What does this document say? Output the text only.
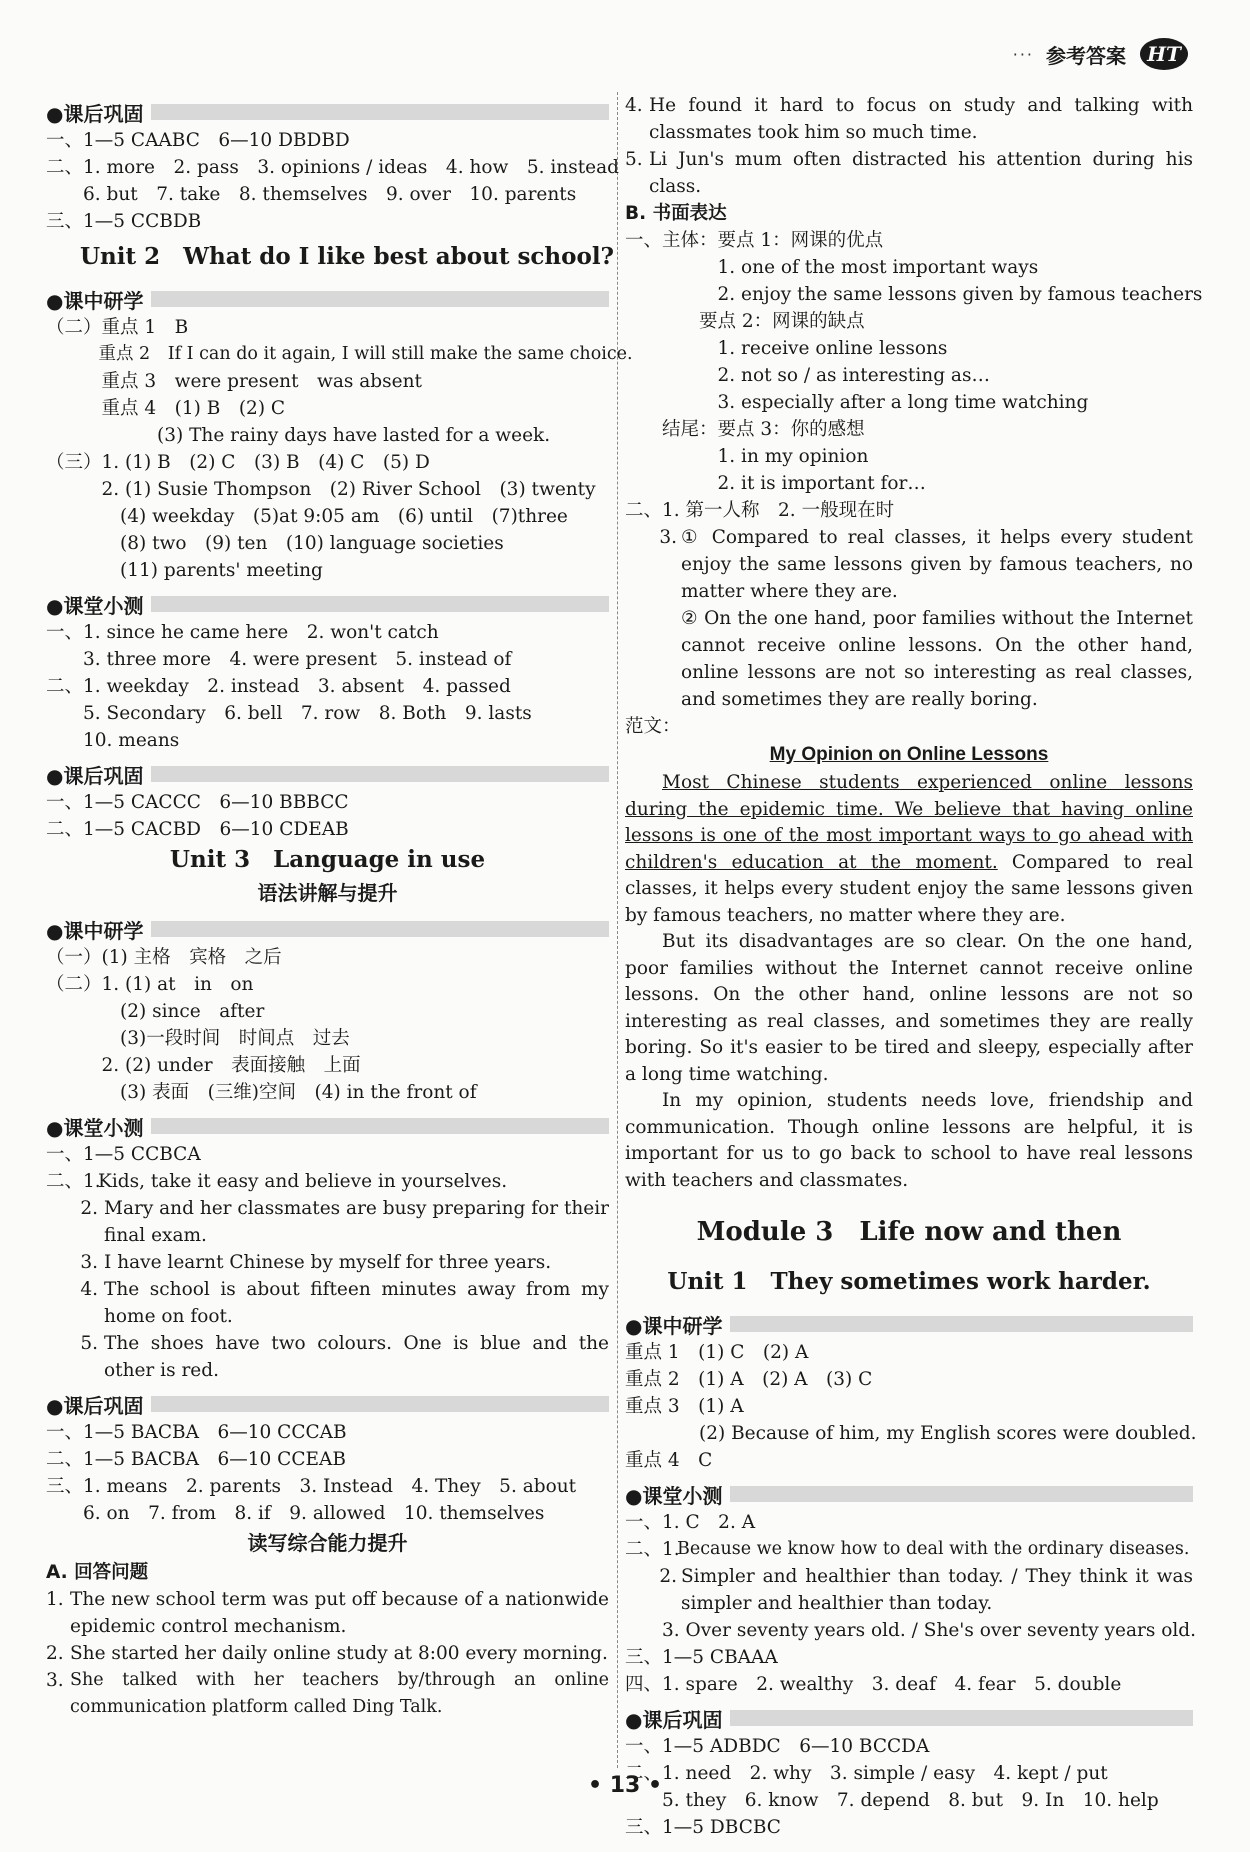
··· 参考答案 HT
●课后巩固
一、1—5 CAABC　6—10 DBDBD
二、1. more　2. pass　3. opinions / ideas　4. how　5. instead
　　6. but　7. take　8. themselves　9. over　10. parents
三、1—5 CCBDB
Unit 2　What do I like best about school?
●课中研学
（二）重点 1　B
　　　重点 2　If I can do it again, I will still make the same choice.
　　　重点 3　were present　was absent
　　　重点 4　(1) B　(2) C
　　　　　　(3) The rainy days have lasted for a week.
（三）1. (1) B　(2) C　(3) B　(4) C　(5) D
　　　2. (1) Susie Thompson　(2) River School　(3) twenty
　　　　(4) weekday　(5)at 9:05 am　(6) until　(7)three
　　　　(8) two　(9) ten　(10) language societies
　　　　(11) parents' meeting
●课堂小测
一、1. since he came here　2. won't catch
　　3. three more　4. were present　5. instead of
二、1. weekday　2. instead　3. absent　4. passed
　　5. Secondary　6. bell　7. row　8. Both　9. lasts
　　10. means
●课后巩固
一、1—5 CACCC　6—10 BBBCC
二、1—5 CACBD　6—10 CDEAB
Unit 3　Language in use
语法讲解与提升
●课中研学
（一）(1) 主格　宾格　之后
（二）1. (1) at　in　on
　　　　(2) since　after
　　　　(3)一段时间　时间点　过去
　　　2. (2) under　表面接触　上面
　　　　(3) 表面　(三维)空间　(4) in the front of
●课堂小测
一、1—5 CCBCA
二、1.
Kids, take it easy and believe in yourselves.
2. Mary and her classmates are busy preparing for their final exam.
3. I have learnt Chinese by myself for three years.
4. The school is about fifteen minutes away from my home on foot.
5. The shoes have two colours. One is blue and the other is red.
●课后巩固
一、1—5 BACBA　6—10 CCCAB
二、1—5 BACBA　6—10 CCEAB
三、1. means　2. parents　3. Instead　4. They　5. about
　　6. on　7. from　8. if　9. allowed　10. themselves
读写综合能力提升
A. 回答问题
1. The new school term was put off because of a nationwide epidemic control mechanism.
2. She started her daily online study at 8:00 every morning.
3. She talked with her teachers by/through an online communication platform called Ding Talk.
4. He found it hard to focus on study and talking with classmates took him so much time.
5. Li Jun's mum often distracted his attention during his class.
B. 书面表达
一、主体：要点 1：网课的优点
　　　　　1. one of the most important ways
　　　　　2. enjoy the same lessons given by famous teachers
　　　　要点 2：网课的缺点
　　　　　1. receive online lessons
　　　　　2. not so / as interesting as…
　　　　　3. especially after a long time watching
　　结尾：要点 3：你的感想
　　　　　1. in my opinion
　　　　　2. it is important for…
二、1. 第一人称　2. 一般现在时
3. ① Compared to real classes, it helps every student enjoy the same lessons given by famous teachers, no matter where they are.
② On the one hand, poor families without the Internet cannot receive online lessons. On the other hand, online lessons are not so interesting as real classes, and sometimes they are really boring.
范文：
My Opinion on Online Lessons

Most Chinese students experienced online lessons during the epidemic time. We believe that having online lessons is one of the most important ways to go ahead with children's education at the moment. Compared to real classes, it helps every student enjoy the same lessons given by famous teachers, no matter where they are.

But its disadvantages are so clear. On the one hand, poor families without the Internet cannot receive online lessons. On the other hand, online lessons are not so interesting as real classes, and sometimes they are really boring. So it's easier to be tired and sleepy, especially after a long time watching.

In my opinion, students needs love, friendship and communication. Though online lessons are helpful, it is important for us to go back to school to have real lessons with teachers and classmates.

Module 3　Life now and then
Unit 1　They sometimes work harder.
●课中研学
重点 1　(1) C　(2) A
重点 2　(1) A　(2) A　(3) C
重点 3　(1) A
　　　　(2) Because of him, my English scores were doubled.
重点 4　C
●课堂小测
一、1. C　2. A
二、1.
Because we know how to deal with the ordinary diseases.
2. Simpler and healthier than today. / They think it was simpler and healthier than today.
　　3. Over seventy years old. / She's over seventy years old.
三、1—5 CBAAA
四、1. spare　2. wealthy　3. deaf　4. fear　5. double
●课后巩固
一、1—5 ADBDC　6—10 BCCDA
二、1. need　2. why　3. simple / easy　4. kept / put
　　5. they　6. know　7. depend　8. but　9. In　10. help
三、1—5 DBCBC
• 13 •
